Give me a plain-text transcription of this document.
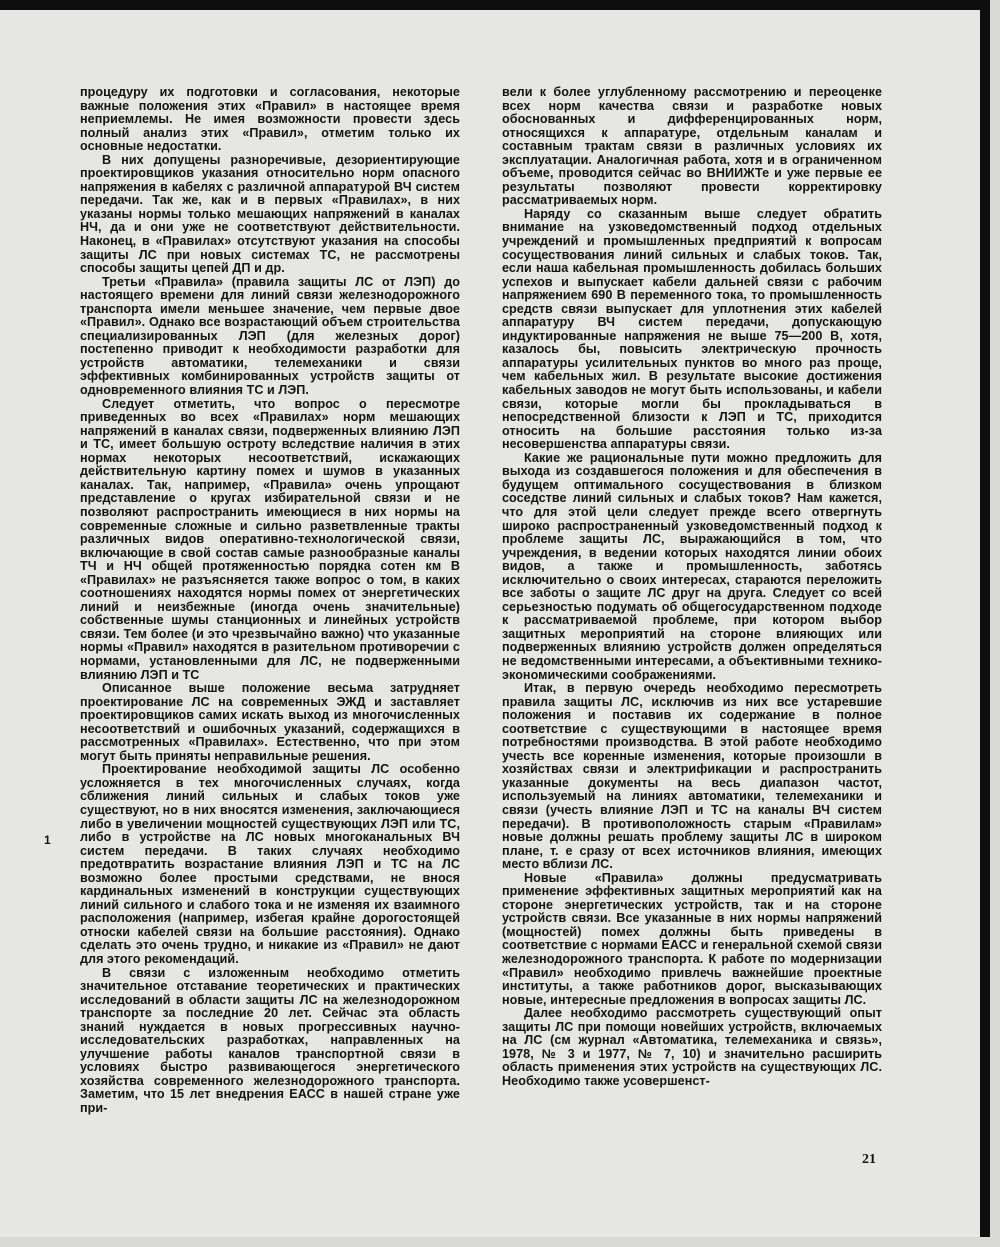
процедуру их подготовки и согласования, некоторые важные положения этих «Правил» в настоящее время неприемлемы. Не имея возможности провести здесь полный анализ этих «Правил», отметим только их основные недостатки.

В них допущены разноречивые, дезориентирующие проектировщиков указания относительно норм опасного напряжения в кабелях с различной аппаратурой ВЧ систем передачи. Так же, как и в первых «Правилах», в них указаны нормы только мешающих напряжений в каналах НЧ, да и они уже не соответствуют действительности. Наконец, в «Правилах» отсутствуют указания на способы защиты ЛС при новых системах ТС, не рассмотрены способы защиты цепей ДП и др.

Третьи «Правила» (правила защиты ЛС от ЛЭП) до настоящего времени для линий связи железнодорожного транспорта имели меньшее значение, чем первые двое «Правил». Однако все возрастающий объем строительства специализированных ЛЭП (для железных дорог) постепенно приводит к необходимости разработки для устройств автоматики, телемеханики и связи эффективных комбинированных устройств защиты от одновременного влияния ТС и ЛЭП.

Следует отметить, что вопрос о пересмотре приведенных во всех «Правилах» норм мешающих напряжений в каналах связи, подверженных влиянию ЛЭП и ТС, имеет большую остроту вследствие наличия в этих нормах некоторых несоответствий, искажающих действительную картину помех и шумов в указанных каналах. Так, например, «Правила» очень упрощают представление о кругах избирательной связи и не позволяют распространить имеющиеся в них нормы на современные сложные и сильно разветвленные тракты различных видов оперативно-технологической связи, включающие в свой состав самые разнообразные каналы ТЧ и НЧ общей протяженностью порядка сотен км В «Правилах» не разъясняется также вопрос о том, в каких соотношениях находятся нормы помех от энергетических линий и неизбежные (иногда очень значительные) собственные шумы станционных и линейных устройств связи. Тем более (и это чрезвычайно важно) что указанные нормы «Правил» находятся в разительном противоречии с нормами, установленными для ЛС, не подверженными влиянию ЛЭП и ТС

Описанное выше положение весьма затрудняет проектирование ЛС на современных ЭЖД и заставляет проектировщиков самих искать выход из многочисленных несоответствий и ошибочных указаний, содержащихся в рассмотренных «Правилах». Естественно, что при этом могут быть приняты неправильные решения.

Проектирование необходимой защиты ЛС особенно усложняется в тех многочисленных случаях, когда сближения линий сильных и слабых токов уже существуют, но в них вносятся изменения, заключающиеся либо в увеличении мощностей существующих ЛЭП или ТС, либо в устройстве на ЛС новых многоканальных ВЧ систем передачи. В таких случаях необходимо предотвратить возрастание влияния ЛЭП и ТС на ЛС возможно более простыми средствами, не внося кардинальных изменений в конструкции существующих линий сильного и слабого тока и не изменяя их взаимного расположения (например, избегая крайне дорогостоящей относки кабелей связи на большие расстояния). Однако сделать это очень трудно, и никакие из «Правил» не дают для этого рекомендаций.

В связи с изложенным необходимо отметить значительное отставание теоретических и практических исследований в области защиты ЛС на железнодорожном транспорте за последние 20 лет. Сейчас эта область знаний нуждается в новых прогрессивных научно-исследовательских разработках, направленных на улучшение работы каналов транспортной связи в условиях быстро развивающегося энергетического хозяйства современного железнодорожного транспорта. Заметим, что 15 лет внедрения ЕАСС в нашей стране уже при-

вели к более углубленному рассмотрению и переоценке всех норм качества связи и разработке новых обоснованных и дифференцированных норм, относящихся к аппаратуре, отдельным каналам и составным трактам связи в различных условиях их эксплуатации. Аналогичная работа, хотя и в ограниченном объеме, проводится сейчас во ВНИИЖТе и уже первые ее результаты позволяют провести корректировку рассматриваемых норм.

Наряду со сказанным выше следует обратить внимание на узковедомственный подход отдельных учреждений и промышленных предприятий к вопросам сосуществования линий сильных и слабых токов. Так, если наша кабельная промышленность добилась больших успехов и выпускает кабели дальней связи с рабочим напряжением 690 В переменного тока, то промышленность средств связи выпускает для уплотнения этих кабелей аппаратуру ВЧ систем передачи, допускающую индуктированные напряжения не выше 75—200 В, хотя, казалось бы, повысить электрическую прочность аппаратуры усилительных пунктов во много раз проще, чем кабельных жил. В результате высокие достижения кабельных заводов не могут быть использованы, и кабели связи, которые могли бы прокладываться в непосредственной близости к ЛЭП и ТС, приходится относить на большие расстояния только из-за несовершенства аппаратуры связи.

Какие же рациональные пути можно предложить для выхода из создавшегося положения и для обеспечения в будущем оптимального сосуществования в близком соседстве линий сильных и слабых токов? Нам кажется, что для этой цели следует прежде всего отвергнуть широко распространенный узковедомственный подход к проблеме защиты ЛС, выражающийся в том, что учреждения, в ведении которых находятся линии обоих видов, а также и промышленность, заботясь исключительно о своих интересах, стараются переложить все заботы о защите ЛС друг на друга. Следует со всей серьезностью подумать об общегосударственном подходе к рассматриваемой проблеме, при котором выбор защитных мероприятий на стороне влияющих или подверженных влиянию устройств должен определяться не ведомственными интересами, а объективными технико-экономическими соображениями.

Итак, в первую очередь необходимо пересмотреть правила защиты ЛС, исключив из них все устаревшие положения и поставив их содержание в полное соответствие с существующими в настоящее время потребностями производства. В этой работе необходимо учесть все коренные изменения, которые произошли в хозяйствах связи и электрификации и распространить указанные документы на весь диапазон частот, используемый на линиях автоматики, телемеханики и связи (учесть влияние ЛЭП и ТС на каналы ВЧ систем передачи). В противоположность старым «Правилам» новые должны решать проблему защиты ЛС в широком плане, т. е сразу от всех источников влияния, имеющих место вблизи ЛС.

Новые «Правила» должны предусматривать применение эффективных защитных мероприятий как на стороне энергетических устройств, так и на стороне устройств связи. Все указанные в них нормы напряжений (мощностей) помех должны быть приведены в соответствие с нормами ЕАСС и генеральной схемой связи железнодорожного транспорта. К работе по модернизации «Правил» необходимо привлечь важнейшие проектные институты, а также работников дорог, высказывающих новые, интересные предложения в вопросах защиты ЛС.

Далее необходимо рассмотреть существующий опыт защиты ЛС при помощи новейших устройств, включаемых на ЛС (см журнал «Автоматика, телемеханика и связь», 1978, № 3 и 1977, № 7, 10) и значительно расширить область применения этих устройств на существующих ЛС. Необходимо также усовершенст-

1
21
